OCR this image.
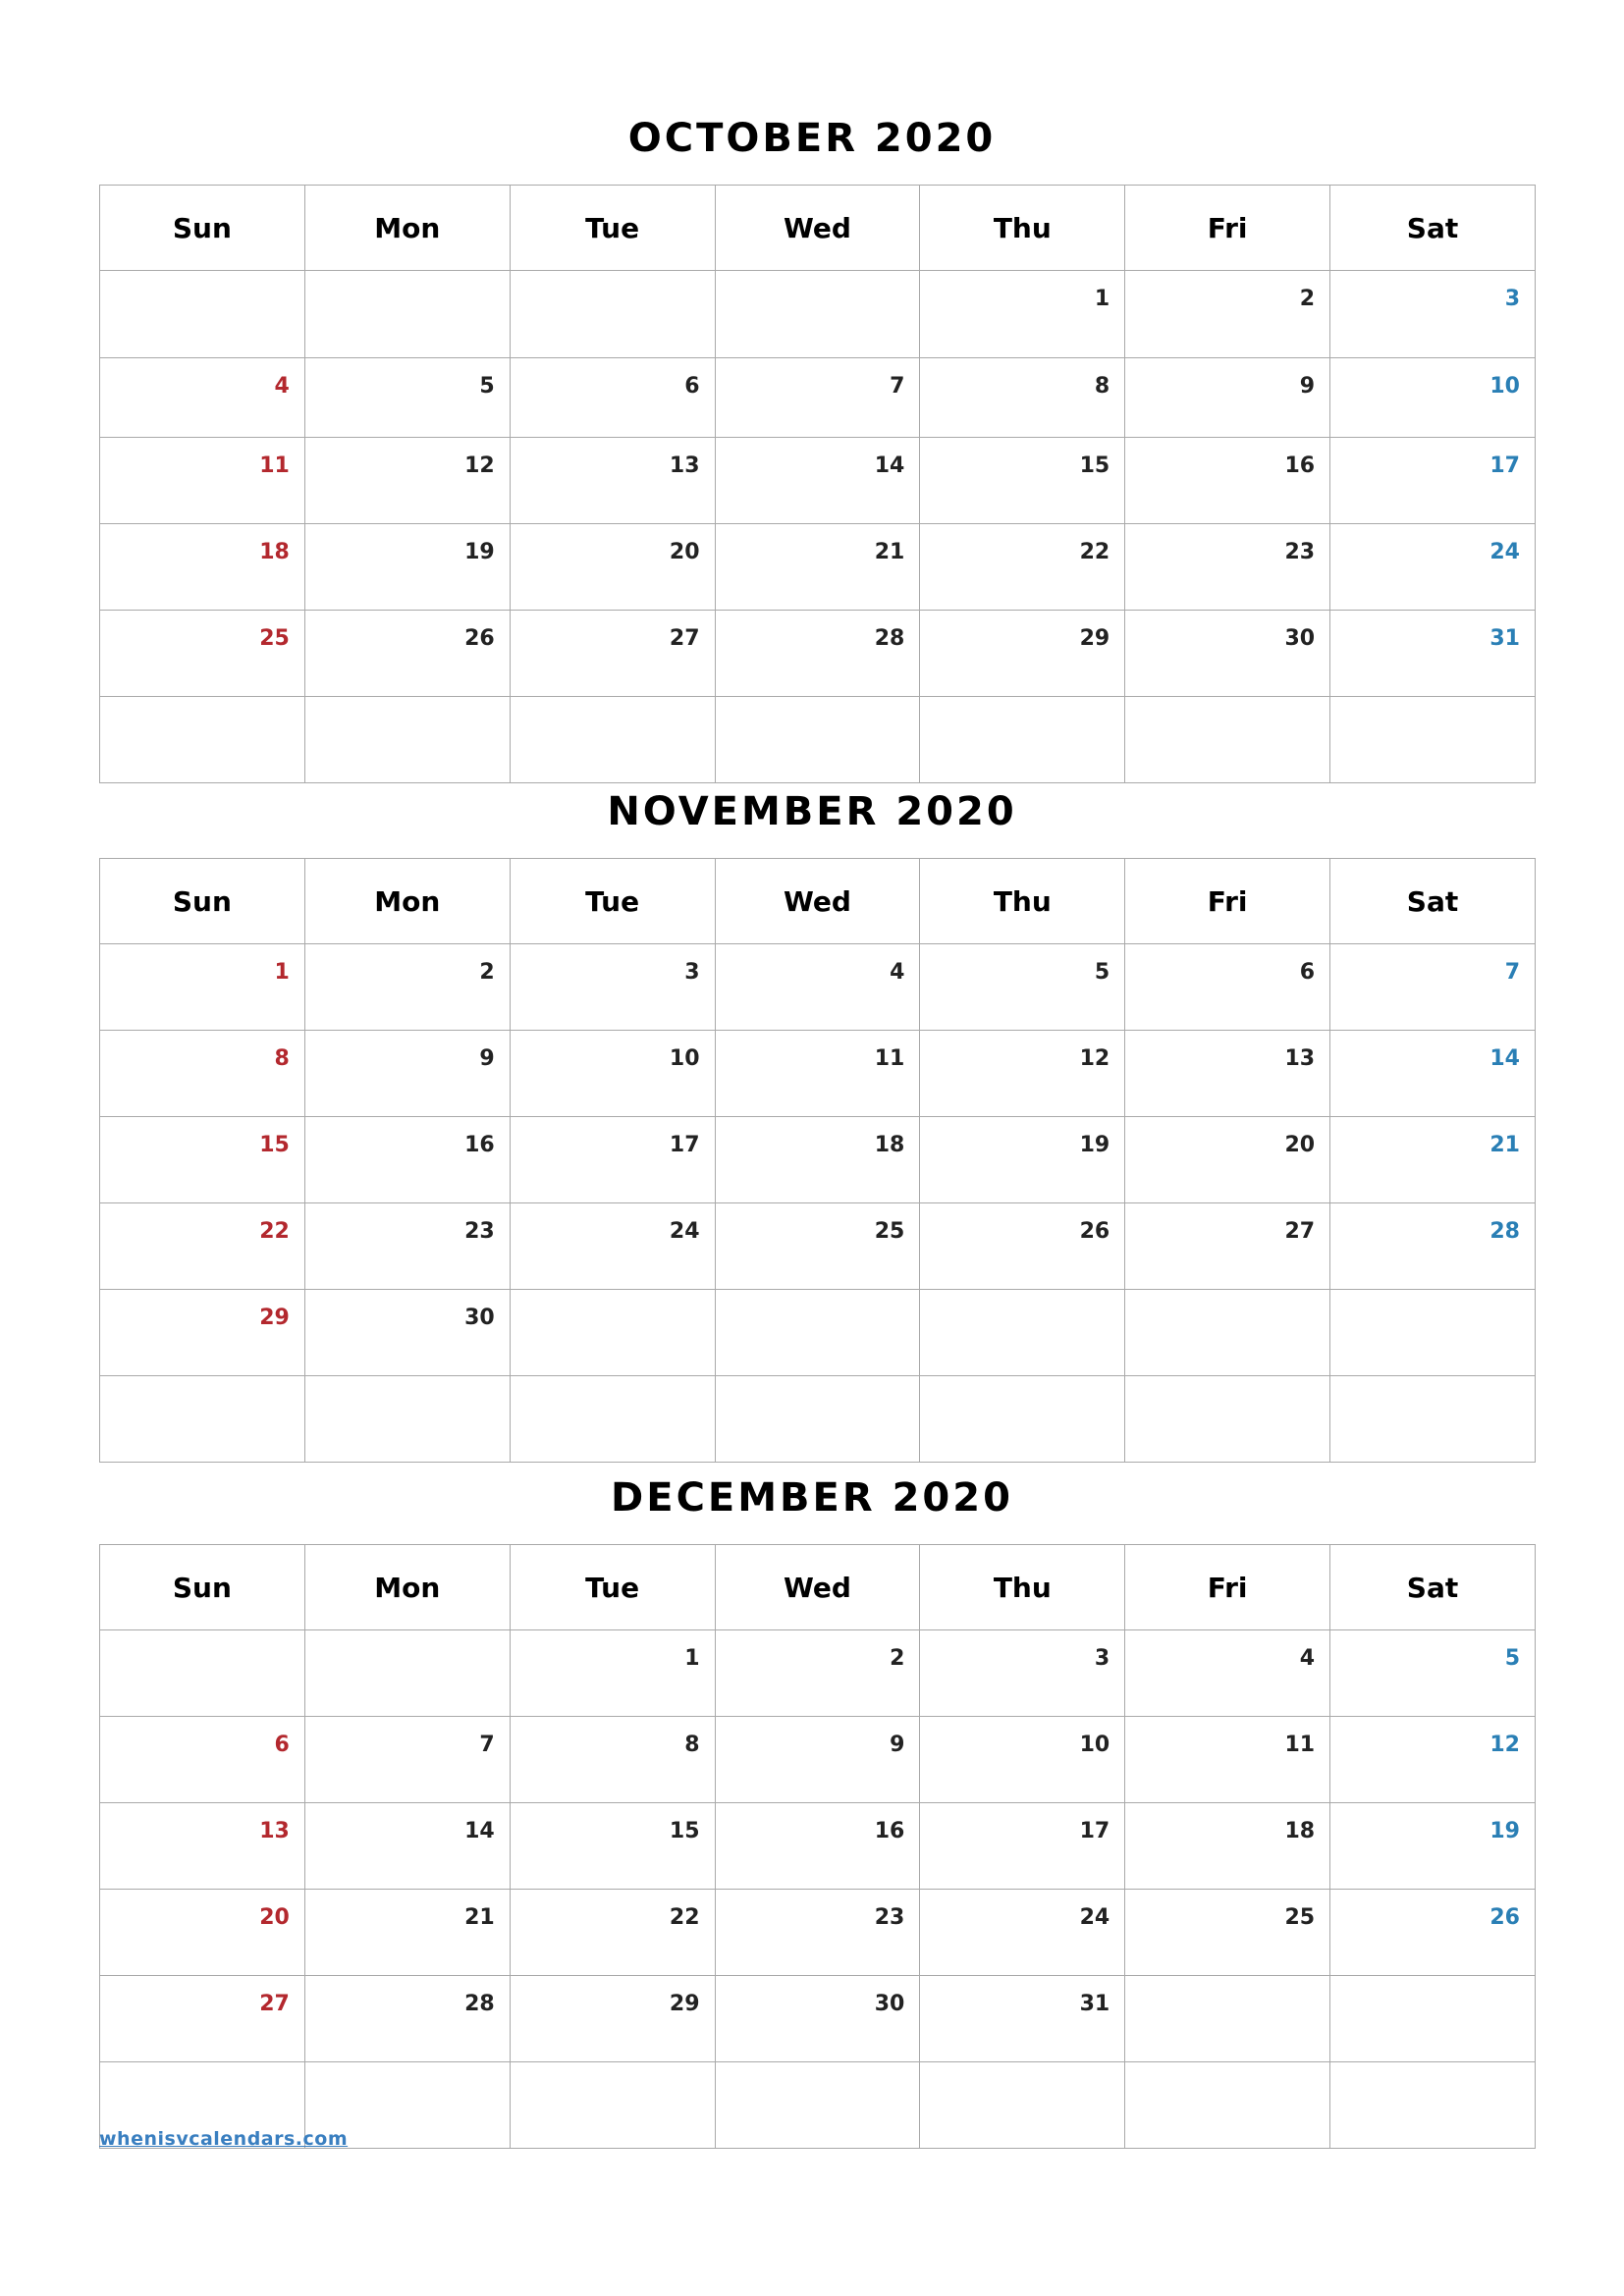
OCTOBER 2020
Sun	Mon	Tue	Wed	Thu	Fri	Sat
				1	2	3
4	5	6	7	8	9	10
11	12	13	14	15	16	17
18	19	20	21	22	23	24
25	26	27	28	29	30	31

NOVEMBER 2020
Sun	Mon	Tue	Wed	Thu	Fri	Sat
1	2	3	4	5	6	7
8	9	10	11	12	13	14
15	16	17	18	19	20	21
22	23	24	25	26	27	28
29	30					

DECEMBER 2020
Sun	Mon	Tue	Wed	Thu	Fri	Sat
		1	2	3	4	5
6	7	8	9	10	11	12
13	14	15	16	17	18	19
20	21	22	23	24	25	26
27	28	29	30	31		

whenisvcalendars.com
